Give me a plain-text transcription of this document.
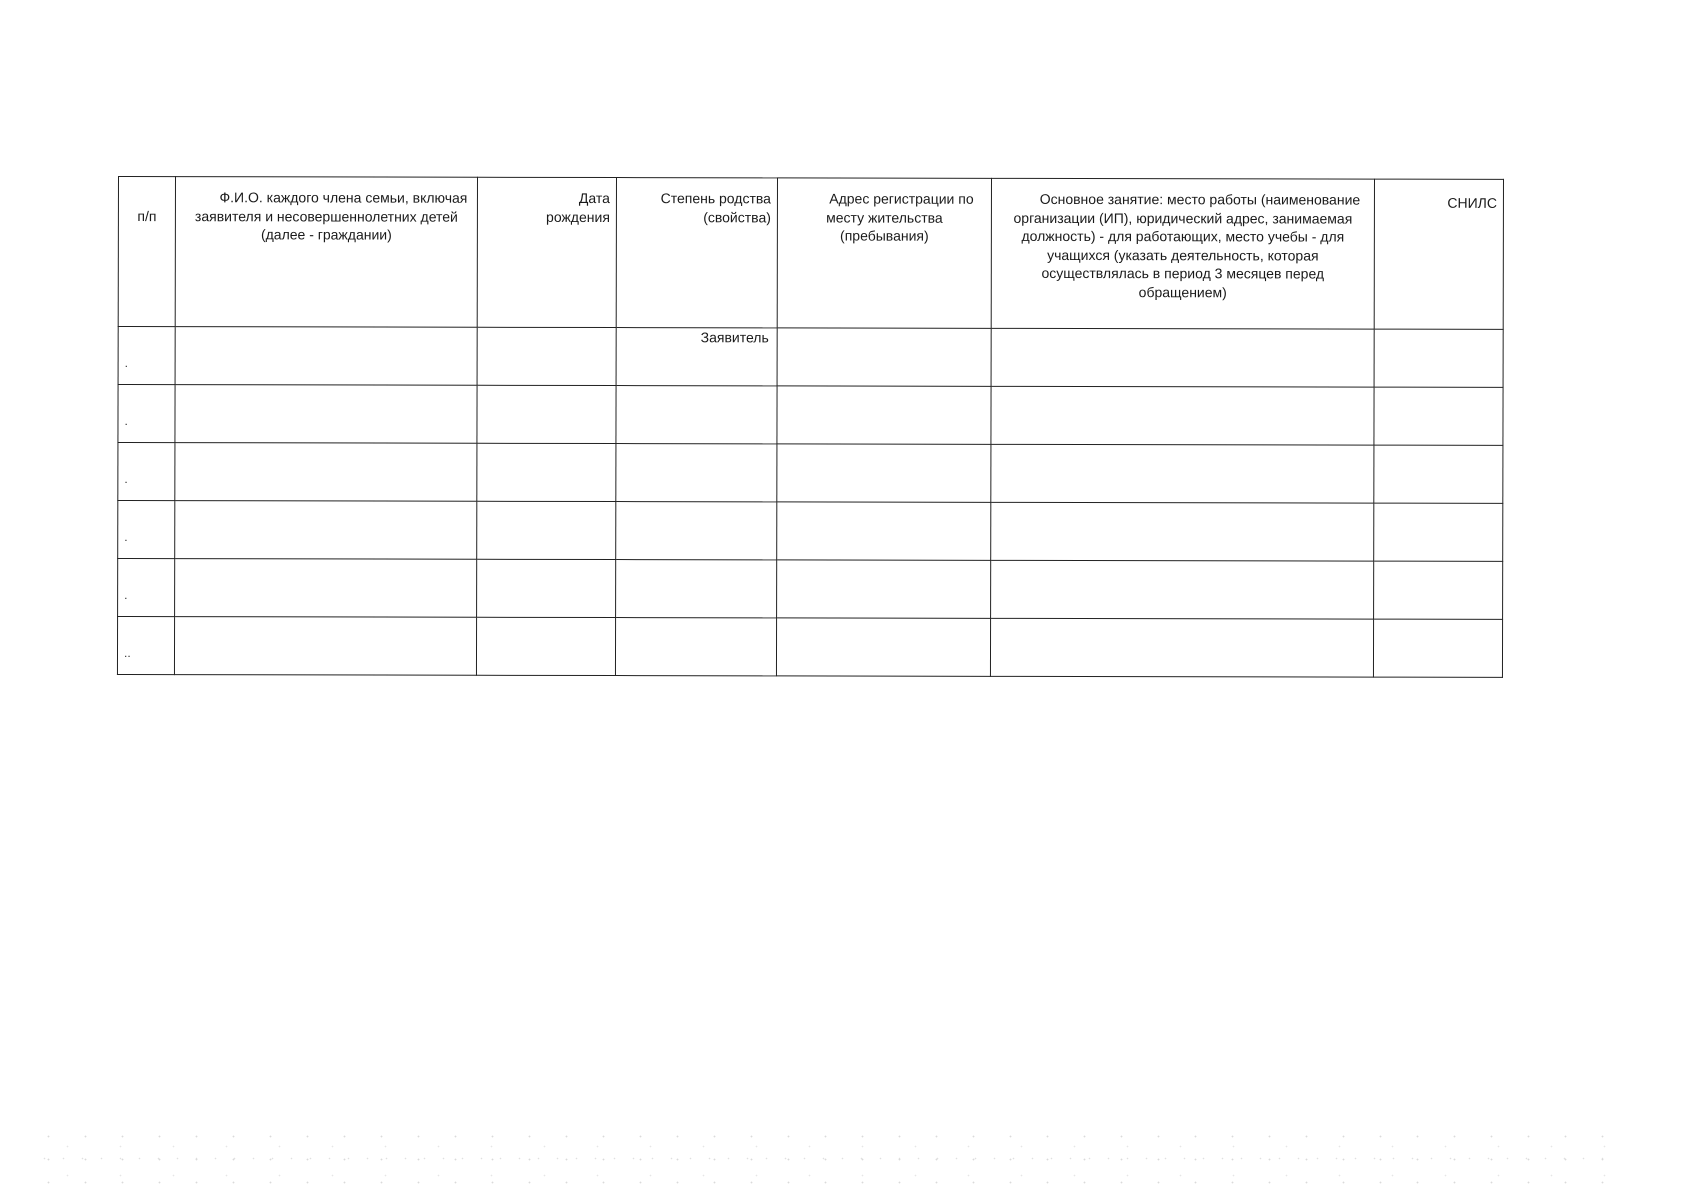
п/п	Ф.И.О. каждого члена семьи, включая заявителя и несовершеннолетних детей (далее - граждании)	Дата рождения	Степень родства (свойства)	Адрес регистрации по месту жительства (пребывания)	Основное занятие: место работы (наименование организации (ИП), юридический адрес, занимаемая должность) - для работающих, место учебы - для учащихся (указать деятельность, которая осуществлялась в период 3 месяцев перед обращением)	СНИЛС

.			Заявитель			

.						

.						

.						

.						

..						
